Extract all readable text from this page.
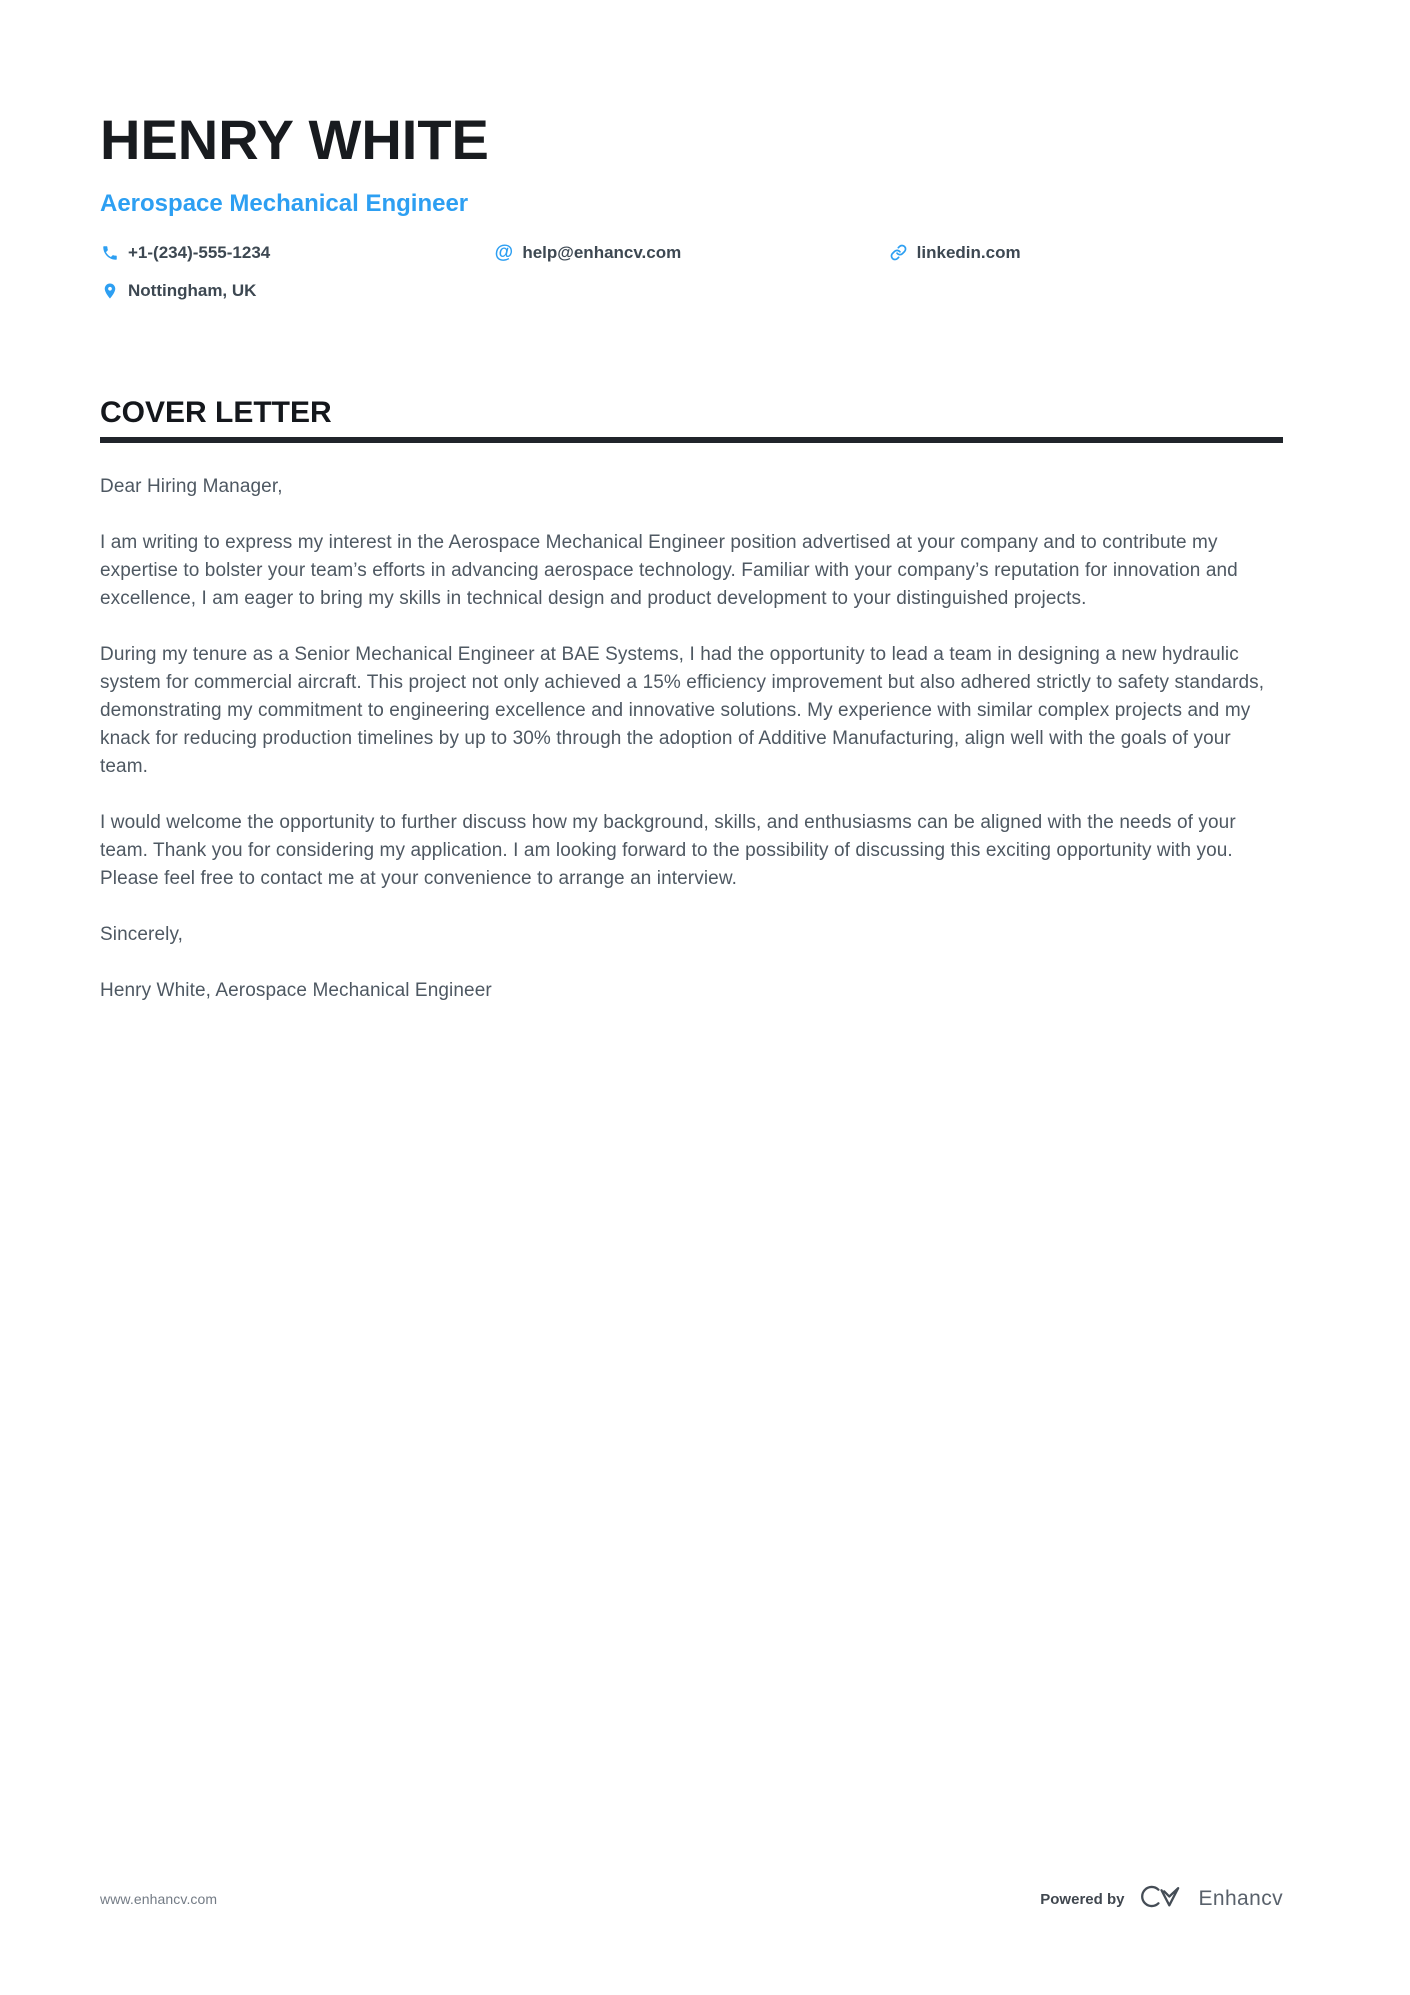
HENRY WHITE
Aerospace Mechanical Engineer
+1-(234)-555-1234	@ help@enhancv.com	linkedin.com
Nottingham, UK
COVER LETTER

Dear Hiring Manager,

I am writing to express my interest in the Aerospace Mechanical Engineer position advertised at your company and to contribute my expertise to bolster your team’s efforts in advancing aerospace technology. Familiar with your company’s reputation for innovation and excellence, I am eager to bring my skills in technical design and product development to your distinguished projects.

During my tenure as a Senior Mechanical Engineer at BAE Systems, I had the opportunity to lead a team in designing a new hydraulic system for commercial aircraft. This project not only achieved a 15% efficiency improvement but also adhered strictly to safety standards, demonstrating my commitment to engineering excellence and innovative solutions. My experience with similar complex projects and my knack for reducing production timelines by up to 30% through the adoption of Additive Manufacturing, align well with the goals of your team.

I would welcome the opportunity to further discuss how my background, skills, and enthusiasms can be aligned with the needs of your team. Thank you for considering my application. I am looking forward to the possibility of discussing this exciting opportunity with you. Please feel free to contact me at your convenience to arrange an interview.

Sincerely,

Henry White, Aerospace Mechanical Engineer

www.enhancv.com	Powered by	Enhancv
